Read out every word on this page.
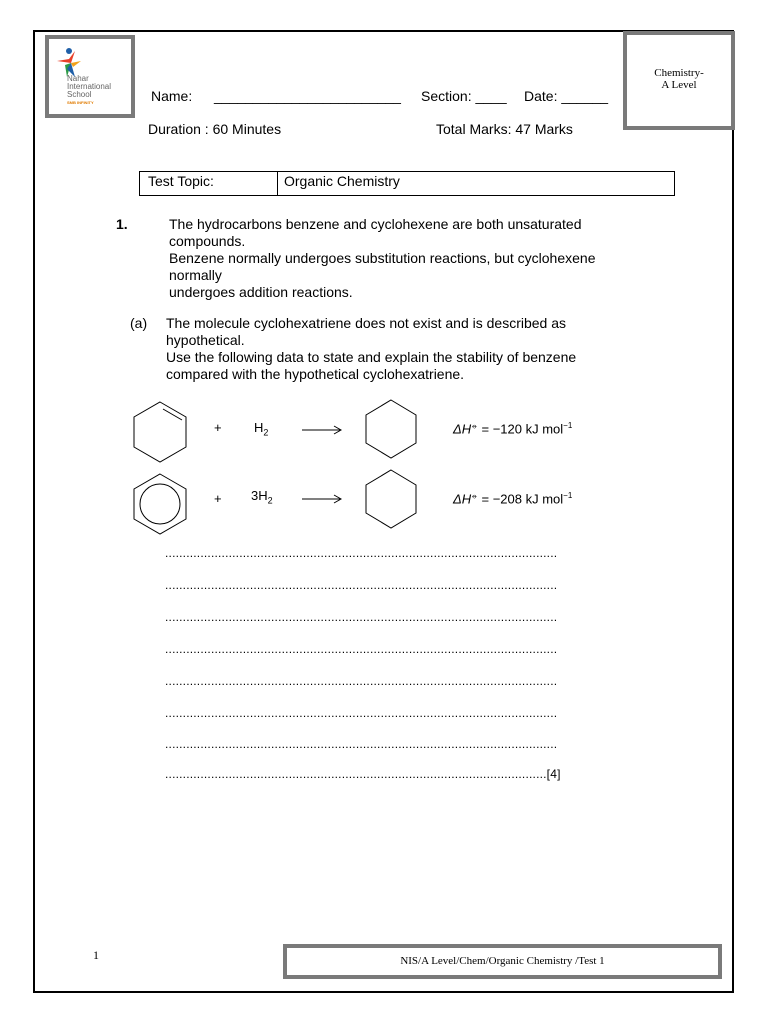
Nahar
International
School
SMB INFINITY
Chemistry-
A Level
Name: ________________________ Section: ____ Date: ______
Duration : 60 Minutes	Total Marks: 47 Marks
Test Topic:	Organic Chemistry
1.	The hydrocarbons benzene and cyclohexene are both unsaturated
compounds.
Benzene normally undergoes substitution reactions, but cyclohexene
normally
undergoes addition reactions.
(a) The molecule cyclohexatriene does not exist and is described as
hypothetical.
Use the following data to state and explain the stability of benzene
compared with the hypothetical cyclohexatriene.
+ $H_2$	ΔH⦵ = −120 kJ mol$^{-1}$
+ $3H_2$	ΔH⦵ = −208 kJ mol$^{-1}$
...............................................................................................................
...............................................................................................................
...............................................................................................................
...............................................................................................................
...............................................................................................................
...............................................................................................................
...............................................................................................................
............................................................................................................[4]
1	NIS/A Level/Chem/Organic Chemistry /Test 1
